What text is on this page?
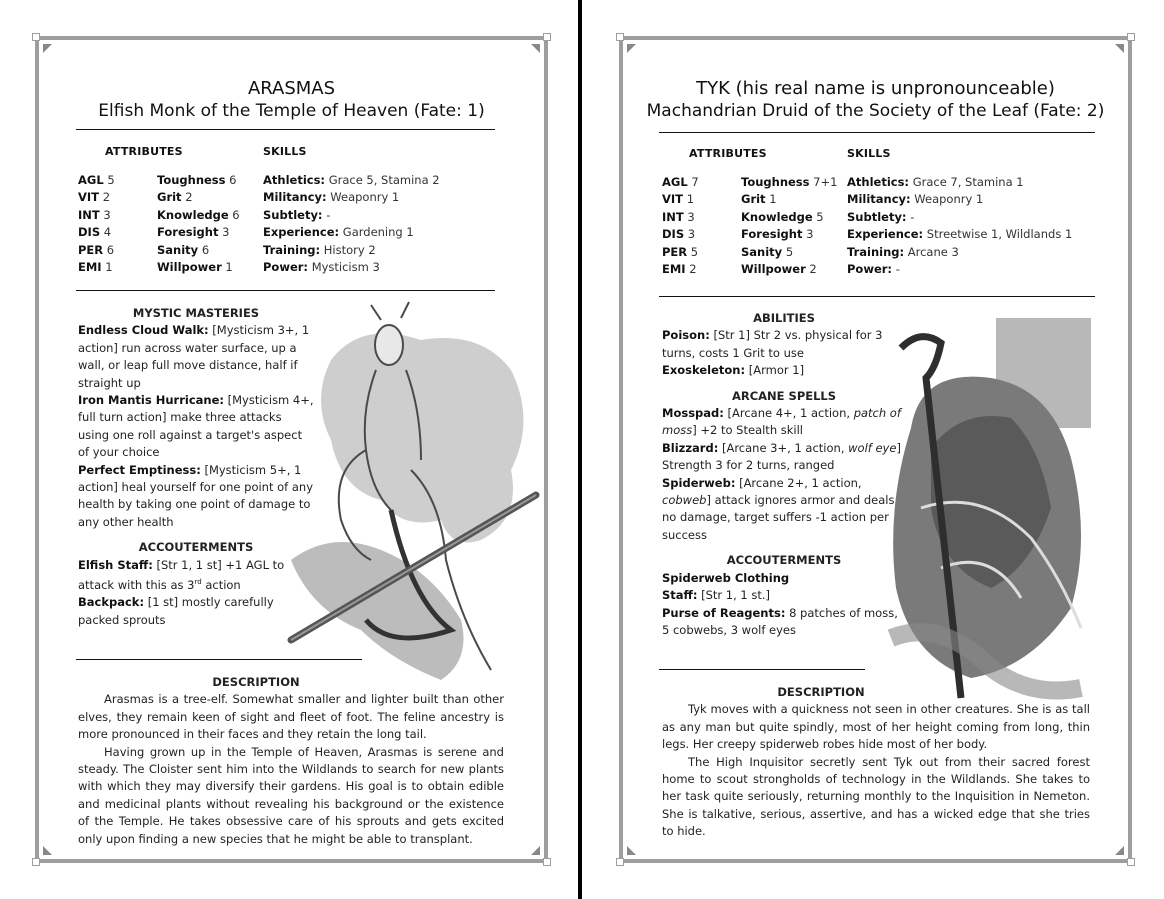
ARASMAS
Elfish Monk of the Temple of Heaven (Fate: 1)
ATTRIBUTES	SKILLS
AGL 5
VIT 2
INT 3
DIS 4
PER 6
EMI 1
Toughness 6
Grit 2
Knowledge 6
Foresight 3
Sanity 6
Willpower 1
Athletics: Grace 5, Stamina 2
Militancy: Weaponry 1
Subtlety: -
Experience: Gardening 1
Training: History 2
Power: Mysticism 3
MYSTIC MASTERIES
Endless Cloud Walk: [Mysticism 3+, 1 action] run across water surface, up a wall, or leap full move distance, half if straight up
Iron Mantis Hurricane: [Mysticism 4+, full turn action] make three attacks using one roll against a target's aspect of your choice
Perfect Emptiness: [Mysticism 5+, 1 action] heal yourself for one point of any health by taking one point of damage to any other health
ACCOUTERMENTS
Elfish Staff: [Str 1, 1 st] +1 AGL to attack with this as 3rd action
Backpack: [1 st] mostly carefully packed sprouts
DESCRIPTION

Arasmas is a tree-elf. Somewhat smaller and lighter built than other elves, they remain keen of sight and fleet of foot. The feline ancestry is more pronounced in their faces and they retain the long tail.

Having grown up in the Temple of Heaven, Arasmas is serene and steady. The Cloister sent him into the Wildlands to search for new plants with which they may diversify their gardens. His goal is to obtain edible and medicinal plants without revealing his background or the existence of the Temple. He takes obsessive care of his sprouts and gets excited only upon finding a new species that he might be able to transplant.

TYK (his real name is unpronounceable)
Machandrian Druid of the Society of the Leaf (Fate: 2)
ATTRIBUTES	SKILLS
AGL 7
VIT 1
INT 3
DIS 3
PER 5
EMI 2
Toughness 7+1
Grit 1
Knowledge 5
Foresight 3
Sanity 5
Willpower 2
Athletics: Grace 7, Stamina 1
Militancy: Weaponry 1
Subtlety: -
Experience: Streetwise 1, Wildlands 1
Training: Arcane 3
Power: -
ABILITIES
Poison: [Str 1] Str 2 vs. physical for 3 turns, costs 1 Grit to use
Exoskeleton: [Armor 1]
ARCANE SPELLS
Mosspad: [Arcane 4+, 1 action, patch of moss] +2 to Stealth skill
Blizzard: [Arcane 3+, 1 action, wolf eye] Strength 3 for 2 turns, ranged
Spiderweb: [Arcane 2+, 1 action, cobweb] attack ignores armor and deals no damage, target suffers -1 action per success
ACCOUTERMENTS
Spiderweb Clothing
Staff: [Str 1, 1 st.]
Purse of Reagents: 8 patches of moss, 5 cobwebs, 3 wolf eyes
DESCRIPTION

Tyk moves with a quickness not seen in other creatures. She is as tall as any man but quite spindly, most of her height coming from long, thin legs. Her creepy spiderweb robes hide most of her body.

The High Inquisitor secretly sent Tyk out from their sacred forest home to scout strongholds of technology in the Wildlands. She takes to her task quite seriously, returning monthly to the Inquisition in Nemeton. She is talkative, serious, assertive, and has a wicked edge that she tries to hide.
